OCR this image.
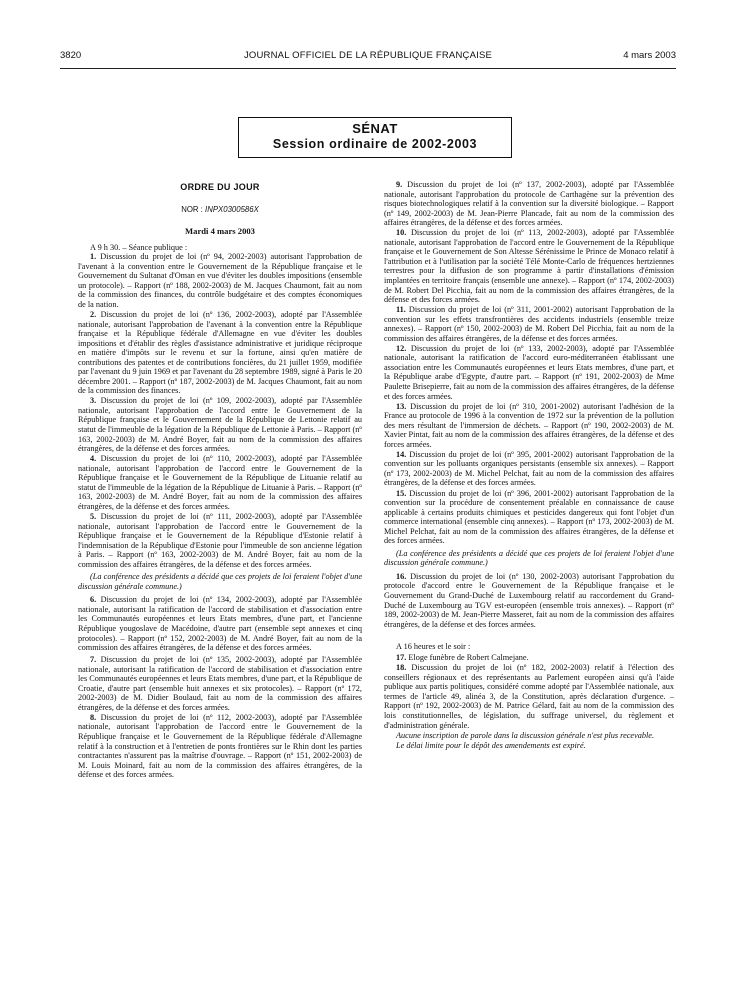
3820	JOURNAL OFFICIEL DE LA RÉPUBLIQUE FRANÇAISE	4 mars 2003
SÉNAT
Session ordinaire de 2002-2003
ORDRE DU JOUR
NOR : INPX0300586X
Mardi 4 mars 2003

A 9 h 30. – Séance publique :

1. Discussion du projet de loi (nº 94, 2002-2003) autorisant l'approbation de l'avenant à la convention entre le Gouvernement de la République française et le Gouvernement du Sultanat d'Oman en vue d'éviter les doubles impositions (ensemble un protocole). – Rapport (nº 188, 2002-2003) de M. Jacques Chaumont, fait au nom de la commission des finances, du contrôle budgétaire et des comptes économiques de la nation.

2. Discussion du projet de loi (nº 136, 2002-2003), adopté par l'Assemblée nationale, autorisant l'approbation de l'avenant à la convention entre la République française et la République fédérale d'Allemagne en vue d'éviter les doubles impositions et d'établir des règles d'assistance administrative et juridique réciproque en matière d'impôts sur le revenu et sur la fortune, ainsi qu'en matière de contributions des patentes et de contributions foncières, du 21 juillet 1959, modifiée par l'avenant du 9 juin 1969 et par l'avenant du 28 septembre 1989, signé à Paris le 20 décembre 2001. – Rapport (nº 187, 2002-2003) de M. Jacques Chaumont, fait au nom de la commission des finances.

3. Discussion du projet de loi (nº 109, 2002-2003), adopté par l'Assemblée nationale, autorisant l'approbation de l'accord entre le Gouvernement de la République française et le Gouvernement de la République de Lettonie relatif au statut de l'immeuble de la légation de la République de Lettonie à Paris. – Rapport (nº 163, 2002-2003) de M. André Boyer, fait au nom de la commission des affaires étrangères, de la défense et des forces armées.

4. Discussion du projet de loi (nº 110, 2002-2003), adopté par l'Assemblée nationale, autorisant l'approbation de l'accord entre le Gouvernement de la République française et le Gouvernement de la République de Lituanie relatif au statut de l'immeuble de la légation de la République de Lituanie à Paris. – Rapport (nº 163, 2002-2003) de M. André Boyer, fait au nom de la commission des affaires étrangères, de la défense et des forces armées.

5. Discussion du projet de loi (nº 111, 2002-2003), adopté par l'Assemblée nationale, autorisant l'approbation de l'accord entre le Gouvernement de la République française et le Gouvernement de la République d'Estonie relatif à l'indemnisation de la République d'Estonie pour l'immeuble de son ancienne légation à Paris. – Rapport (nº 163, 2002-2003) de M. André Boyer, fait au nom de la commission des affaires étrangères, de la défense et des forces armées.

(La conférence des présidents a décidé que ces projets de loi feraient l'objet d'une discussion générale commune.)

6. Discussion du projet de loi (nº 134, 2002-2003), adopté par l'Assemblée nationale, autorisant la ratification de l'accord de stabilisation et d'association entre les Communautés européennes et leurs Etats membres, d'une part, et l'ancienne République yougoslave de Macédoine, d'autre part (ensemble sept annexes et cinq protocoles). – Rapport (nº 152, 2002-2003) de M. André Boyer, fait au nom de la commission des affaires étrangères, de la défense et des forces armées.

7. Discussion du projet de loi (nº 135, 2002-2003), adopté par l'Assemblée nationale, autorisant la ratification de l'accord de stabilisation et d'association entre les Communautés européennes et leurs Etats membres, d'une part, et la République de Croatie, d'autre part (ensemble huit annexes et six protocoles). – Rapport (nº 172, 2002-2003) de M. Didier Boulaud, fait au nom de la commission des affaires étrangères, de la défense et des forces armées.

8. Discussion du projet de loi (nº 112, 2002-2003), adopté par l'Assemblée nationale, autorisant l'approbation de l'accord entre le Gouvernement de la République française et le Gouvernement de la République fédérale d'Allemagne relatif à la construction et à l'entretien de ponts frontières sur le Rhin dont les parties contractantes n'assurent pas la maîtrise d'ouvrage. – Rapport (nº 151, 2002-2003) de M. Louis Moinard, fait au nom de la commission des affaires étrangères, de la défense et des forces armées.

9. Discussion du projet de loi (nº 137, 2002-2003), adopté par l'Assemblée nationale, autorisant l'approbation du protocole de Carthagène sur la prévention des risques biotechnologiques relatif à la convention sur la diversité biologique. – Rapport (nº 149, 2002-2003) de M. Jean-Pierre Plancade, fait au nom de la commission des affaires étrangères, de la défense et des forces armées.

10. Discussion du projet de loi (nº 113, 2002-2003), adopté par l'Assemblée nationale, autorisant l'approbation de l'accord entre le Gouvernement de la République française et le Gouvernement de Son Altesse Sérénissime le Prince de Monaco relatif à l'attribution et à l'utilisation par la société Télé Monte-Carlo de fréquences hertziennes terrestres pour la diffusion de son programme à partir d'installations d'émission implantées en territoire français (ensemble une annexe). – Rapport (nº 174, 2002-2003) de M. Robert Del Picchia, fait au nom de la commission des affaires étrangères, de la défense et des forces armées.

11. Discussion du projet de loi (nº 311, 2001-2002) autorisant l'approbation de la convention sur les effets transfrontières des accidents industriels (ensemble treize annexes). – Rapport (nº 150, 2002-2003) de M. Robert Del Picchia, fait au nom de la commission des affaires étrangères, de la défense et des forces armées.

12. Discussion du projet de loi (nº 133, 2002-2003), adopté par l'Assemblée nationale, autorisant la ratification de l'accord euro-méditerranéen établissant une association entre les Communautés européennes et leurs Etats membres, d'une part, et la République arabe d'Egypte, d'autre part. – Rapport (nº 191, 2002-2003) de Mme Paulette Brisepierre, fait au nom de la commission des affaires étrangères, de la défense et des forces armées.

13. Discussion du projet de loi (nº 310, 2001-2002) autorisant l'adhésion de la France au protocole de 1996 à la convention de 1972 sur la prévention de la pollution des mers résultant de l'immersion de déchets. – Rapport (nº 190, 2002-2003) de M. Xavier Pintat, fait au nom de la commission des affaires étrangères, de la défense et des forces armées.

14. Discussion du projet de loi (nº 395, 2001-2002) autorisant l'approbation de la convention sur les polluants organiques persistants (ensemble six annexes). – Rapport (nº 173, 2002-2003) de M. Michel Pelchat, fait au nom de la commission des affaires étrangères, de la défense et des forces armées.

15. Discussion du projet de loi (nº 396, 2001-2002) autorisant l'approbation de la convention sur la procédure de consentement préalable en connaissance de cause applicable à certains produits chimiques et pesticides dangereux qui font l'objet d'un commerce international (ensemble cinq annexes). – Rapport (nº 173, 2002-2003) de M. Michel Pelchat, fait au nom de la commission des affaires étrangères, de la défense et des forces armées.

(La conférence des présidents a décidé que ces projets de loi feraient l'objet d'une discussion générale commune.)

16. Discussion du projet de loi (nº 130, 2002-2003) autorisant l'approbation du protocole d'accord entre le Gouvernement de la République française et le Gouvernement du Grand-Duché de Luxembourg relatif au raccordement du Grand-Duché de Luxembourg au TGV est-européen (ensemble trois annexes). – Rapport (nº 189, 2002-2003) de M. Jean-Pierre Masseret, fait au nom de la commission des affaires étrangères, de la défense et des forces armées.

A 16 heures et le soir :

17. Eloge funèbre de Robert Calmejane.

18. Discussion du projet de loi (nº 182, 2002-2003) relatif à l'élection des conseillers régionaux et des représentants au Parlement européen ainsi qu'à l'aide publique aux partis politiques, considéré comme adopté par l'Assemblée nationale, aux termes de l'article 49, alinéa 3, de la Constitution, après déclaration d'urgence. – Rapport (nº 192, 2002-2003) de M. Patrice Gélard, fait au nom de la commission des lois constitutionnelles, de législation, du suffrage universel, du règlement et d'administration générale.

Aucune inscription de parole dans la discussion générale n'est plus recevable.

Le délai limite pour le dépôt des amendements est expiré.
